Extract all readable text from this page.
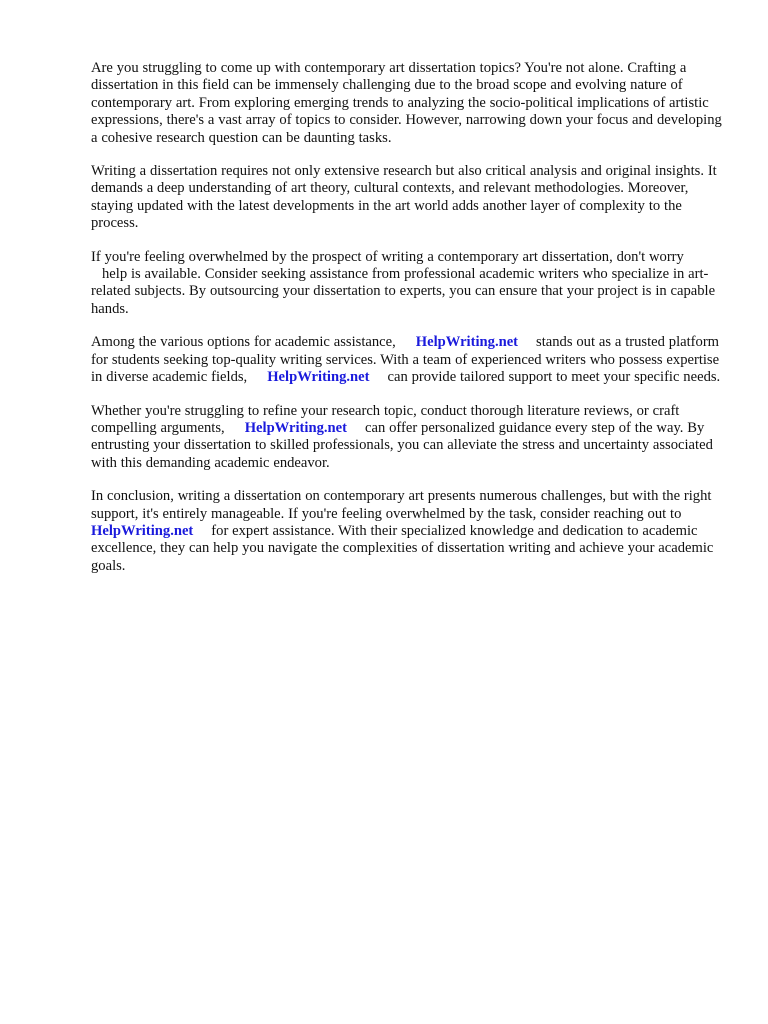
Are you struggling to come up with contemporary art dissertation topics? You're not alone. Crafting a dissertation in this field can be immensely challenging due to the broad scope and evolving nature of contemporary art. From exploring emerging trends to analyzing the socio-political implications of artistic expressions, there's a vast array of topics to consider. However, narrowing down your focus and developing a cohesive research question can be daunting tasks.

Writing a dissertation requires not only extensive research but also critical analysis and original insights. It demands a deep understanding of art theory, cultural contexts, and relevant methodologies. Moreover, staying updated with the latest developments in the art world adds another layer of complexity to the process.

If you're feeling overwhelmed by the prospect of writing a contemporary art dissertation, don't worry
help is available. Consider seeking assistance from professional academic writers who specialize in art-related subjects. By outsourcing your dissertation to experts, you can ensure that your project is in capable hands.

Among the various options for academic assistance, HelpWriting.net stands out as a trusted platform for students seeking top-quality writing services. With a team of experienced writers who possess expertise in diverse academic fields, HelpWriting.net can provide tailored support to meet your specific needs.

Whether you're struggling to refine your research topic, conduct thorough literature reviews, or craft compelling arguments, HelpWriting.net can offer personalized guidance every step of the way. By entrusting your dissertation to skilled professionals, you can alleviate the stress and uncertainty associated with this demanding academic endeavor.

In conclusion, writing a dissertation on contemporary art presents numerous challenges, but with the right support, it's entirely manageable. If you're feeling overwhelmed by the task, consider reaching out toHelpWriting.net for expert assistance. With their specialized knowledge and dedication to academic excellence, they can help you navigate the complexities of dissertation writing and achieve your academic goals.
